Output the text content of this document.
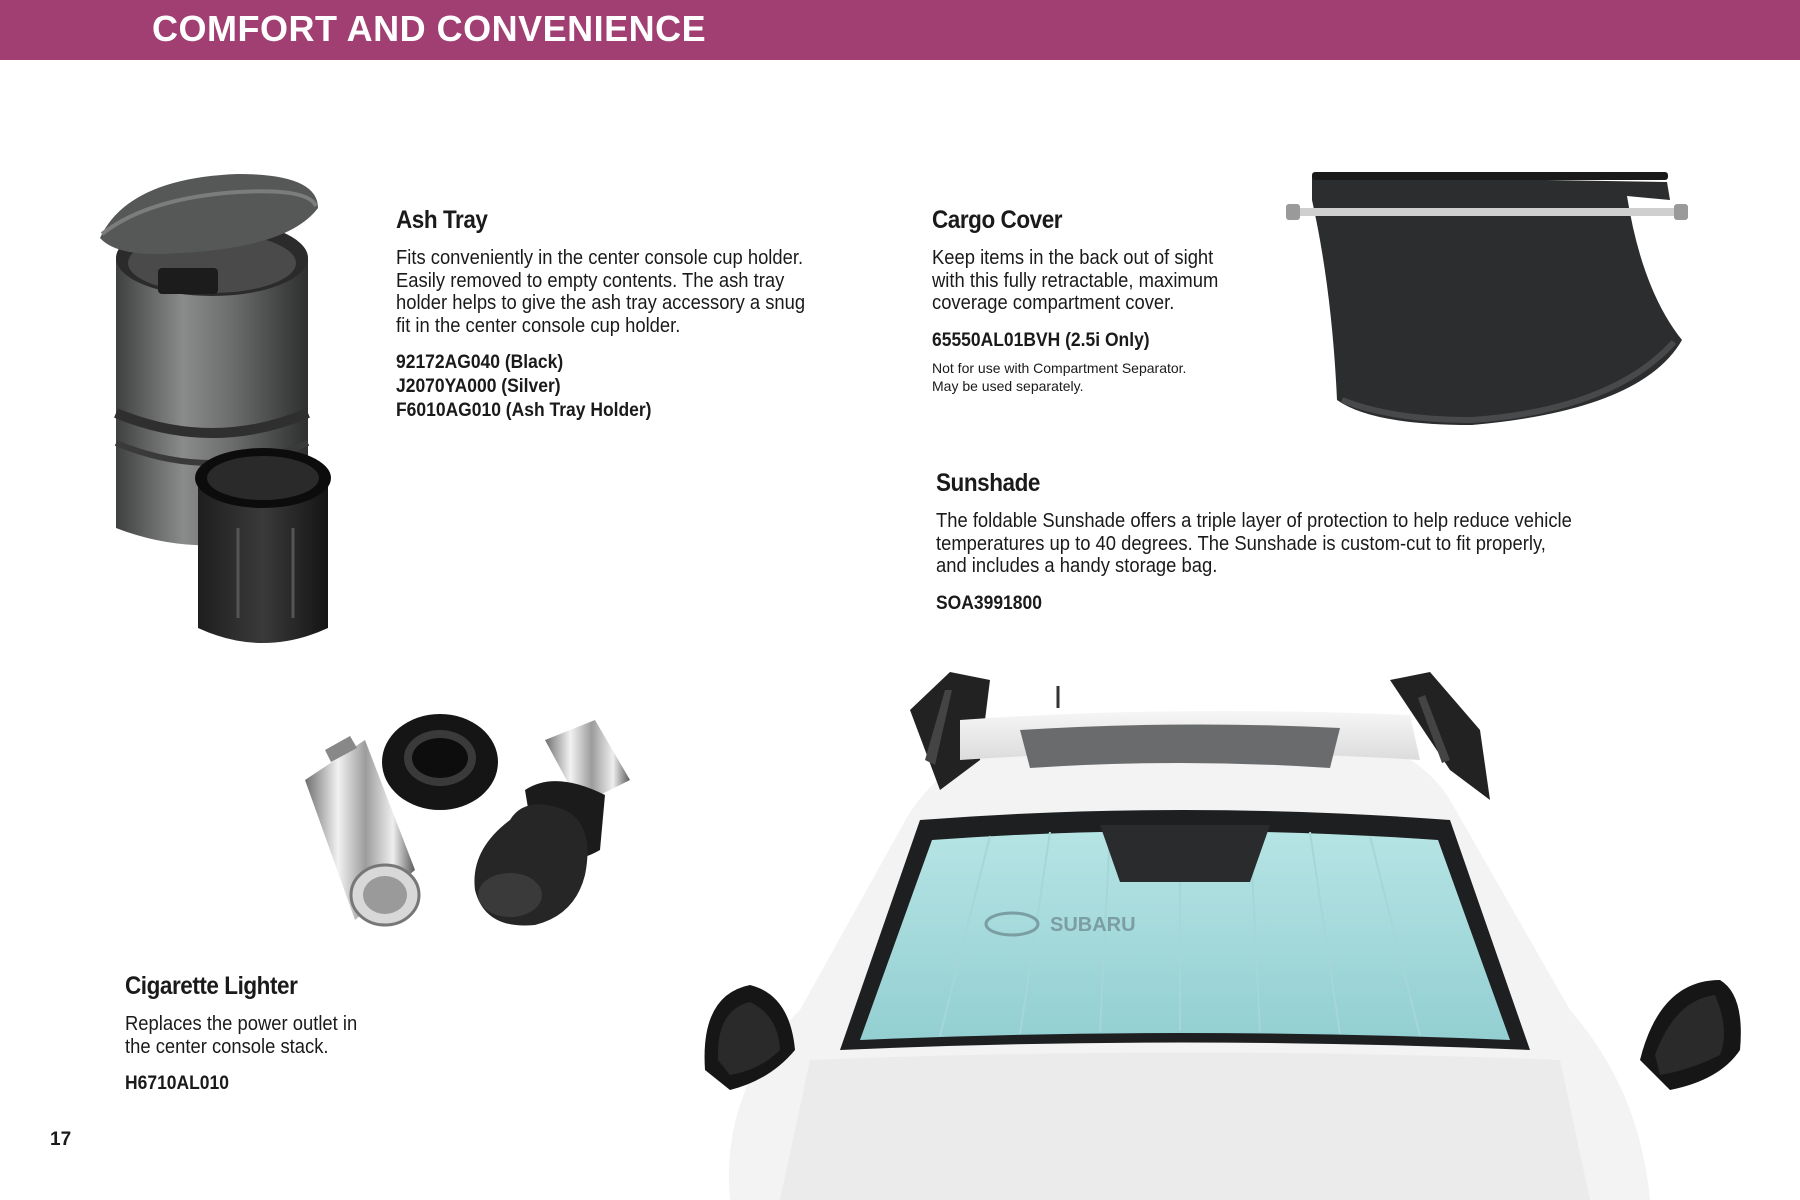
COMFORT AND CONVENIENCE
Ash Tray

Fits conveniently in the center console cup holder.

Easily removed to empty contents. The ash tray

holder helps to give the ash tray accessory a snug

fit in the center console cup holder.

92172AG040 (Black)
J2070YA000 (Silver)
F6010AG010 (Ash Tray Holder)
Cargo Cover

Keep items in the back out of sight

with this fully retractable, maximum

coverage compartment cover.

65550AL01BVH (2.5i Only)
Not for use with Compartment Separator.
May be used separately.
Sunshade

The foldable Sunshade offers a triple layer of protection to help reduce vehicle

temperatures up to 40 degrees. The Sunshade is custom-cut to fit properly,

and includes a handy storage bag.

SOA3991800
Cigarette Lighter

Replaces the power outlet in

the center console stack.

H6710AL010
SUBARU
17
